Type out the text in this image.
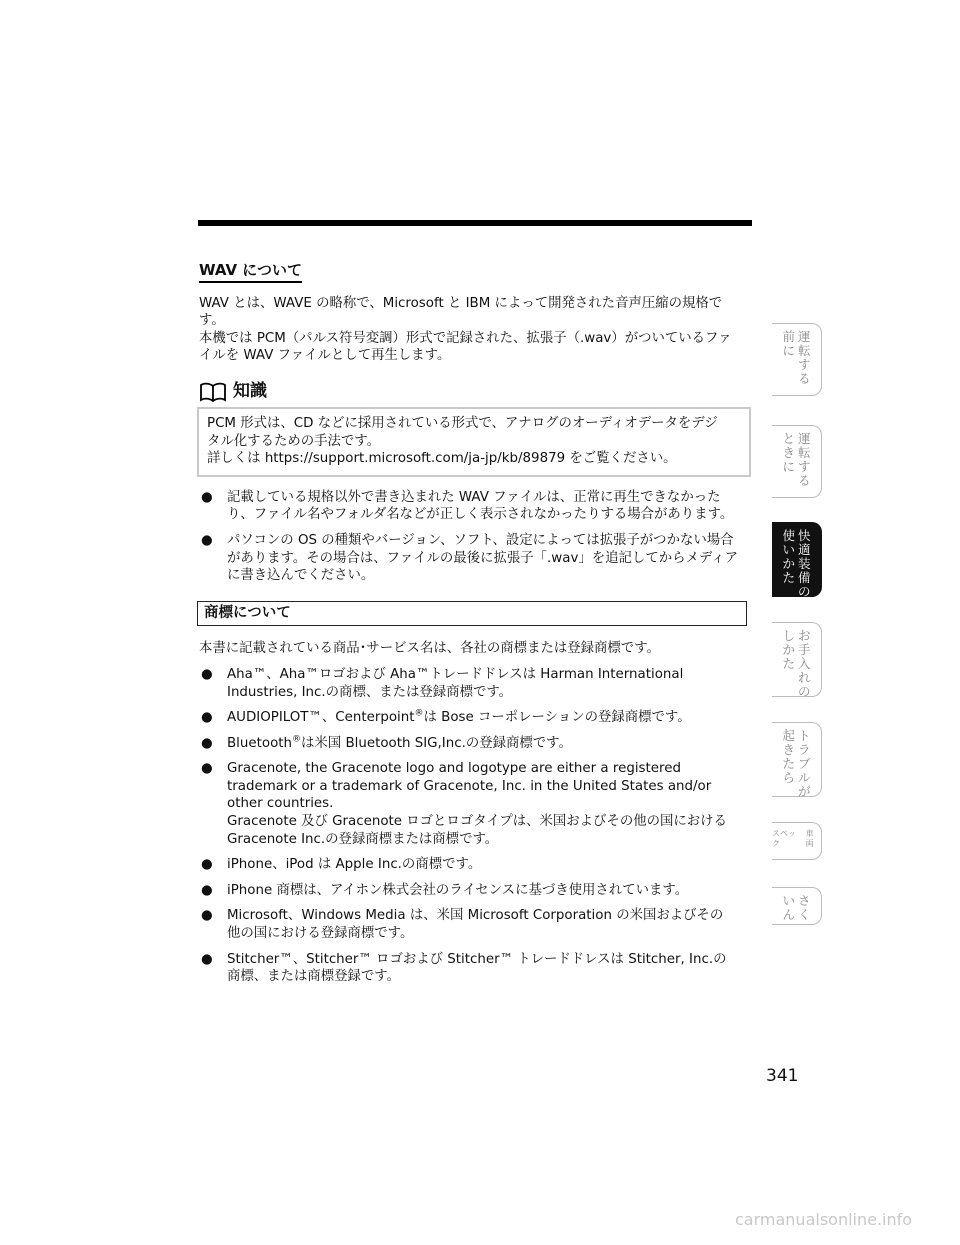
WAV について

WAV とは、WAVE の略称で、Microsoft と IBM によって開発された音声圧縮の規格で

す。

本機では PCM（パルス符号変調）形式で記録された、拡張子（.wav）がついているファ

イルを WAV ファイルとして再生します。

知識
PCM 形式は、CD などに採用されている形式で、アナログのオーディオデータをデジ
タル化するための手法です。
詳しくは https://support.microsoft.com/ja-jp/kb/89879 をご覧ください。
● 記載している規格以外で書き込まれた WAV ファイルは、正常に再生できなかった
り、ファイル名やフォルダ名などが正しく表示されなかったりする場合があります。
● パソコンの OS の種類やバージョン、ソフト、設定によっては拡張子がつかない場合
があります。その場合は、ファイルの最後に拡張子「.wav」を追記してからメディア
に書き込んでください。
商標について

本書に記載されている商品･サービス名は、各社の商標または登録商標です。

● Aha™、Aha™ロゴおよび Aha™トレードドレスは Harman International
Industries, Inc.の商標、または登録商標です。
● AUDIOPILOT™、Centerpoint®は Bose コーポレーションの登録商標です。
● Bluetooth®は米国 Bluetooth SIG,Inc.の登録商標です。
● Gracenote, the Gracenote logo and logotype are either a registered
trademark or a trademark of Gracenote, Inc. in the United States and/or
other countries.
Gracenote 及び Gracenote ロゴとロゴタイプは、米国およびその他の国における
Gracenote Inc.の登録商標または商標です。
● iPhone、iPod は Apple Inc.の商標です。
● iPhone 商標は、アイホン株式会社のライセンスに基づき使用されています。
● Microsoft、Windows Media は、米国 Microsoft Corporation の米国およびその
他の国における登録商標です。
● Stitcher™、Stitcher™ ロゴおよび Stitcher™ トレードドレスは Stitcher, Inc.の
商標、または商標登録です。
運
転
す
る
前
に
運
転
す
る
と
き
に
快
適
装
備
の
使
い
か
た
お
手
入
れ
の
し
か
た
ト
ラ
ブ
ル
が
起
き
た
ら
車両
スペック
さ
く
い
ん
341
carmanualsonline.info
